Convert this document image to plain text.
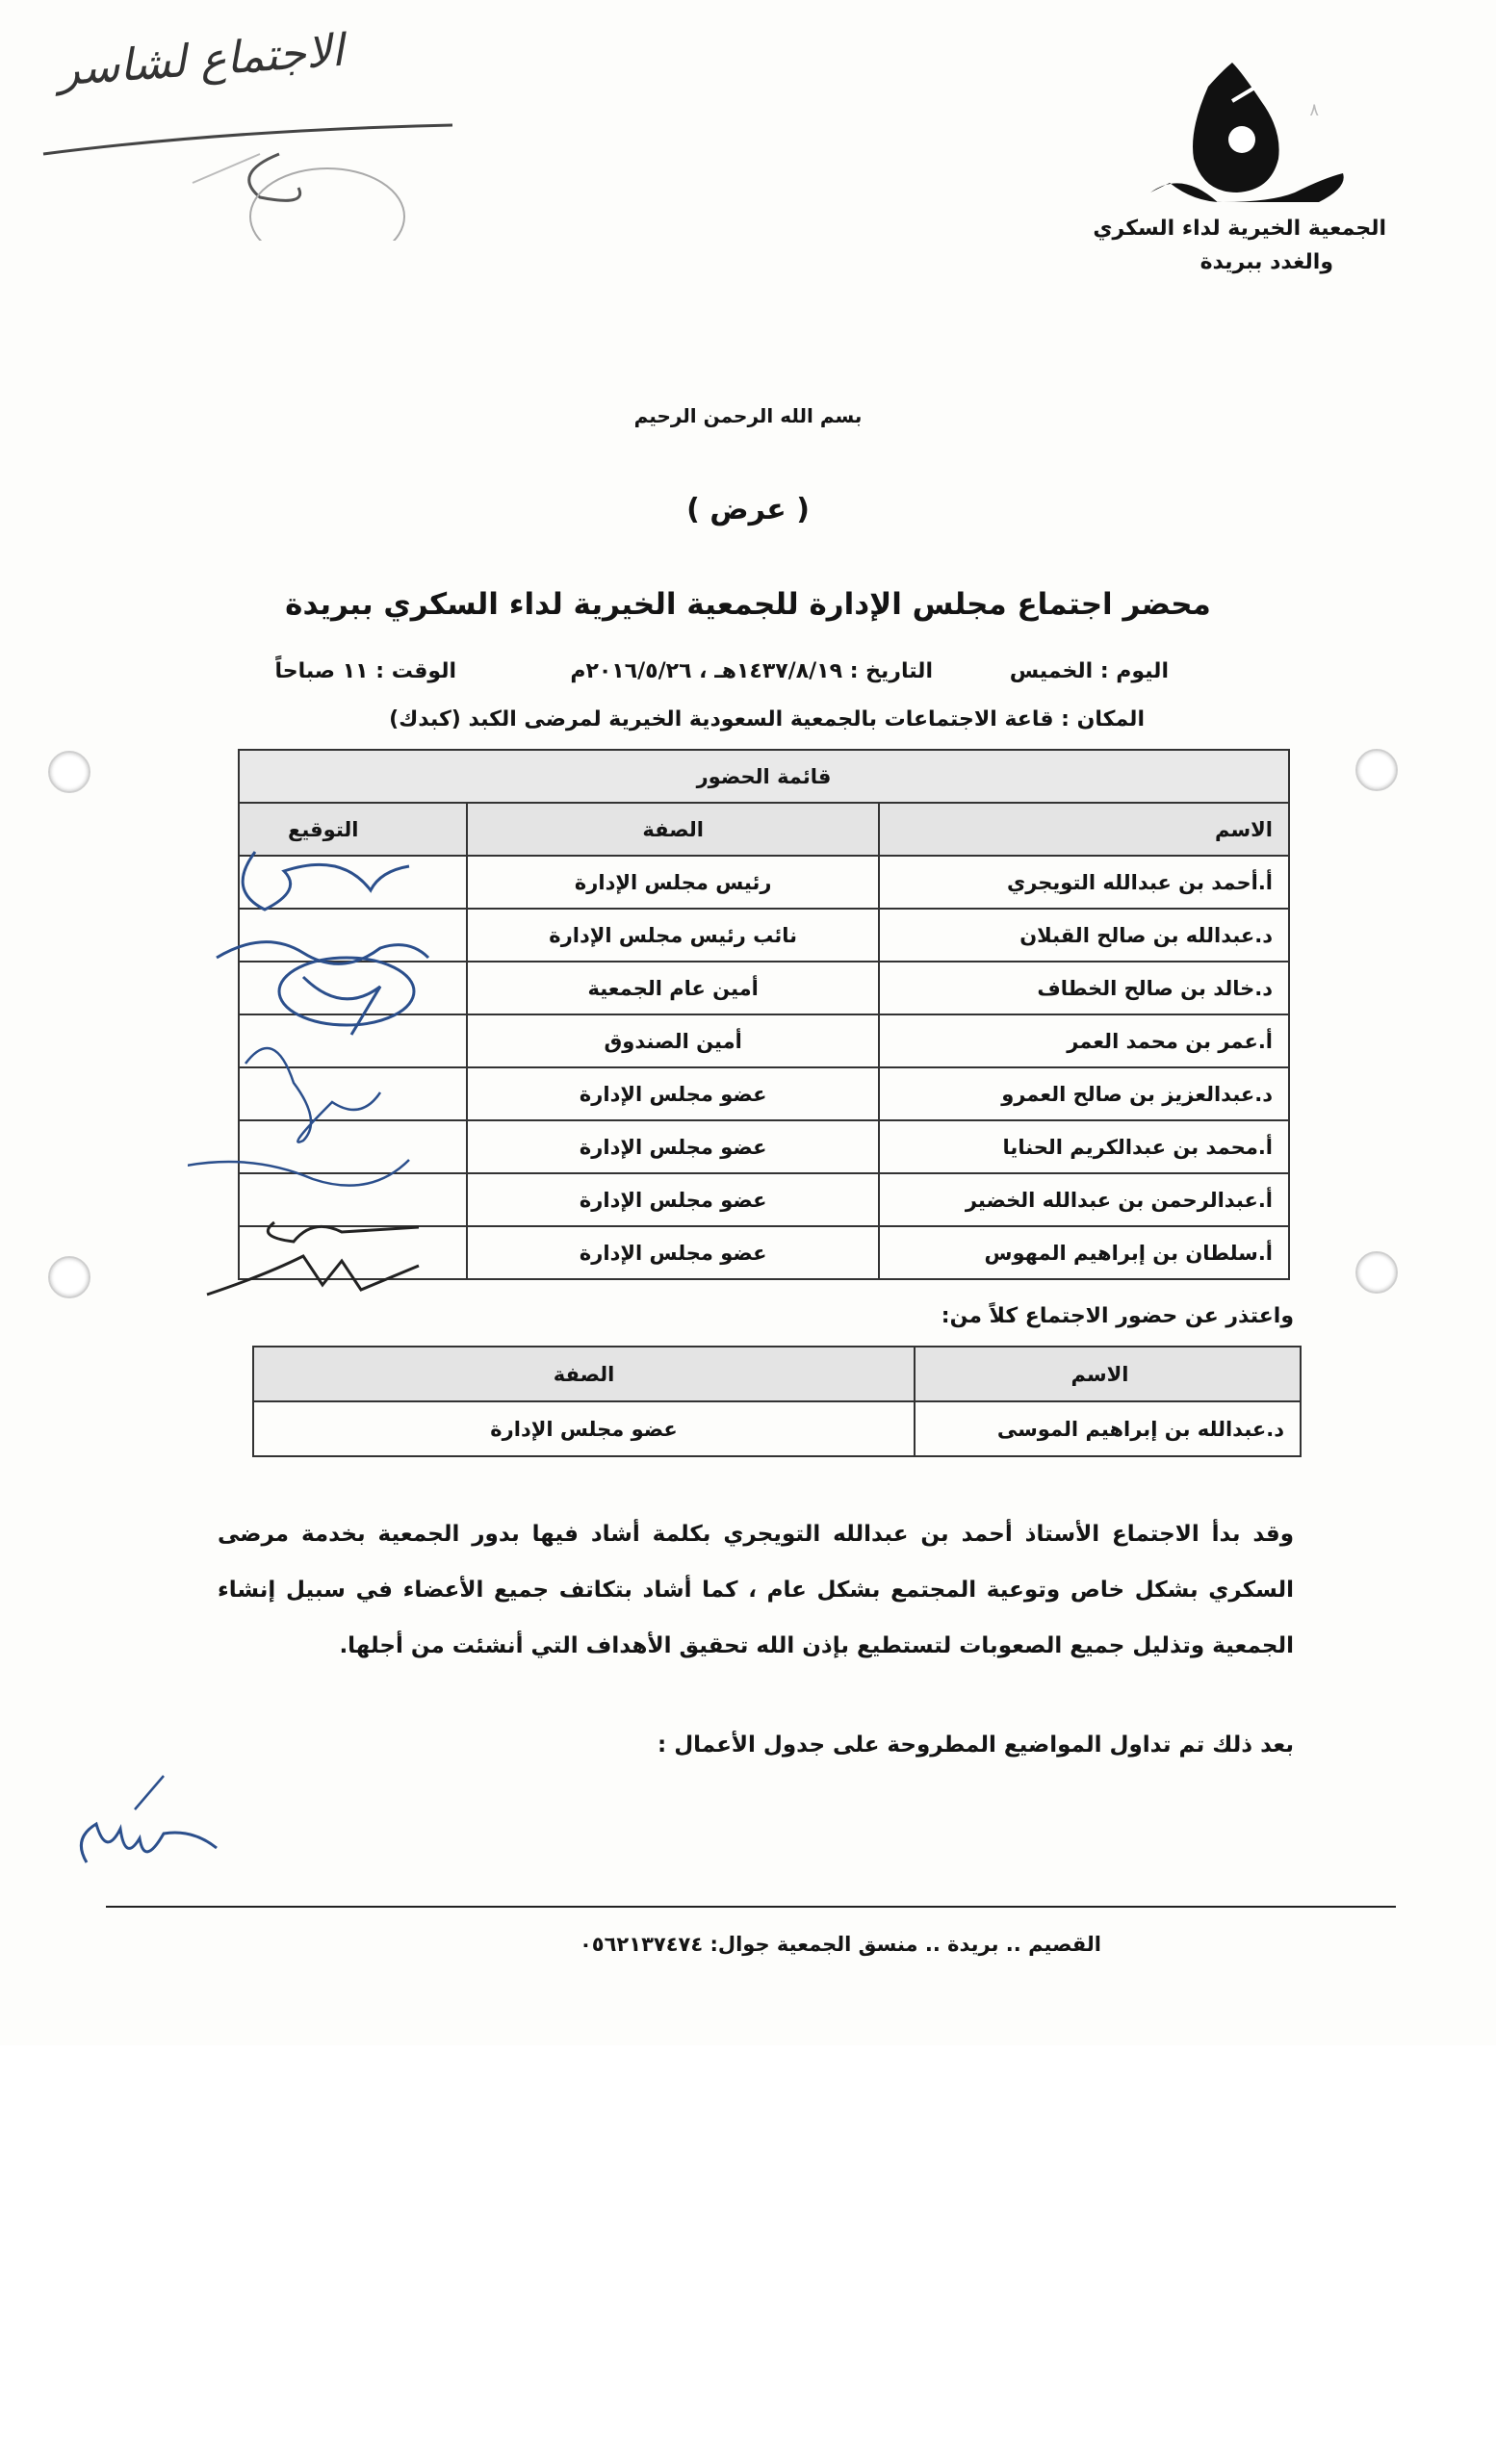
الاجتماع لشاسر
٨
الجمعية الخيرية لداء السكري
والغدد ببريدة
بسم الله الرحمن الرحيم
( عرض )
محضر اجتماع مجلس الإدارة للجمعية الخيرية لداء السكري ببريدة
اليوم : الخميس
التاريخ : ١٤٣٧/٨/١٩هـ ، ٢٠١٦/٥/٢٦م
الوقت : ١١ صباحاً
المكان : قاعة الاجتماعات بالجمعية السعودية الخيرية لمرضى الكبد (كبدك)
قائمة الحضور		
الاسم	الصفة	التوقيع
أ.أحمد بن عبدالله التويجري	رئيس مجلس الإدارة	
د.عبدالله بن صالح القبلان	نائب رئيس مجلس الإدارة	
د.خالد بن صالح الخطاف	أمين عام الجمعية	
أ.عمر بن محمد العمر	أمين الصندوق	
د.عبدالعزيز بن صالح العمرو	عضو مجلس الإدارة	
أ.محمد بن عبدالكريم الحنايا	عضو مجلس الإدارة	
أ.عبدالرحمن بن عبدالله الخضير	عضو مجلس الإدارة	
أ.سلطان بن إبراهيم المهوس	عضو مجلس الإدارة	
واعتذر عن حضور الاجتماع كلاً من:
الاسم	الصفة
د.عبدالله بن إبراهيم الموسى	عضو مجلس الإدارة
وقد بدأ الاجتماع الأستاذ أحمد بن عبدالله التويجري بكلمة أشاد فيها بدور الجمعية بخدمة مرضى السكري بشكل خاص وتوعية المجتمع بشكل عام ، كما أشاد بتكاتف جميع الأعضاء في سبيل إنشاء الجمعية وتذليل جميع الصعوبات لتستطيع بإذن الله تحقيق الأهداف التي أنشئت من أجلها.
بعد ذلك تم تداول المواضيع المطروحة على جدول الأعمال :
القصيم .. بريدة .. منسق الجمعية جوال: ٠٥٦٢١٣٧٤٧٤
